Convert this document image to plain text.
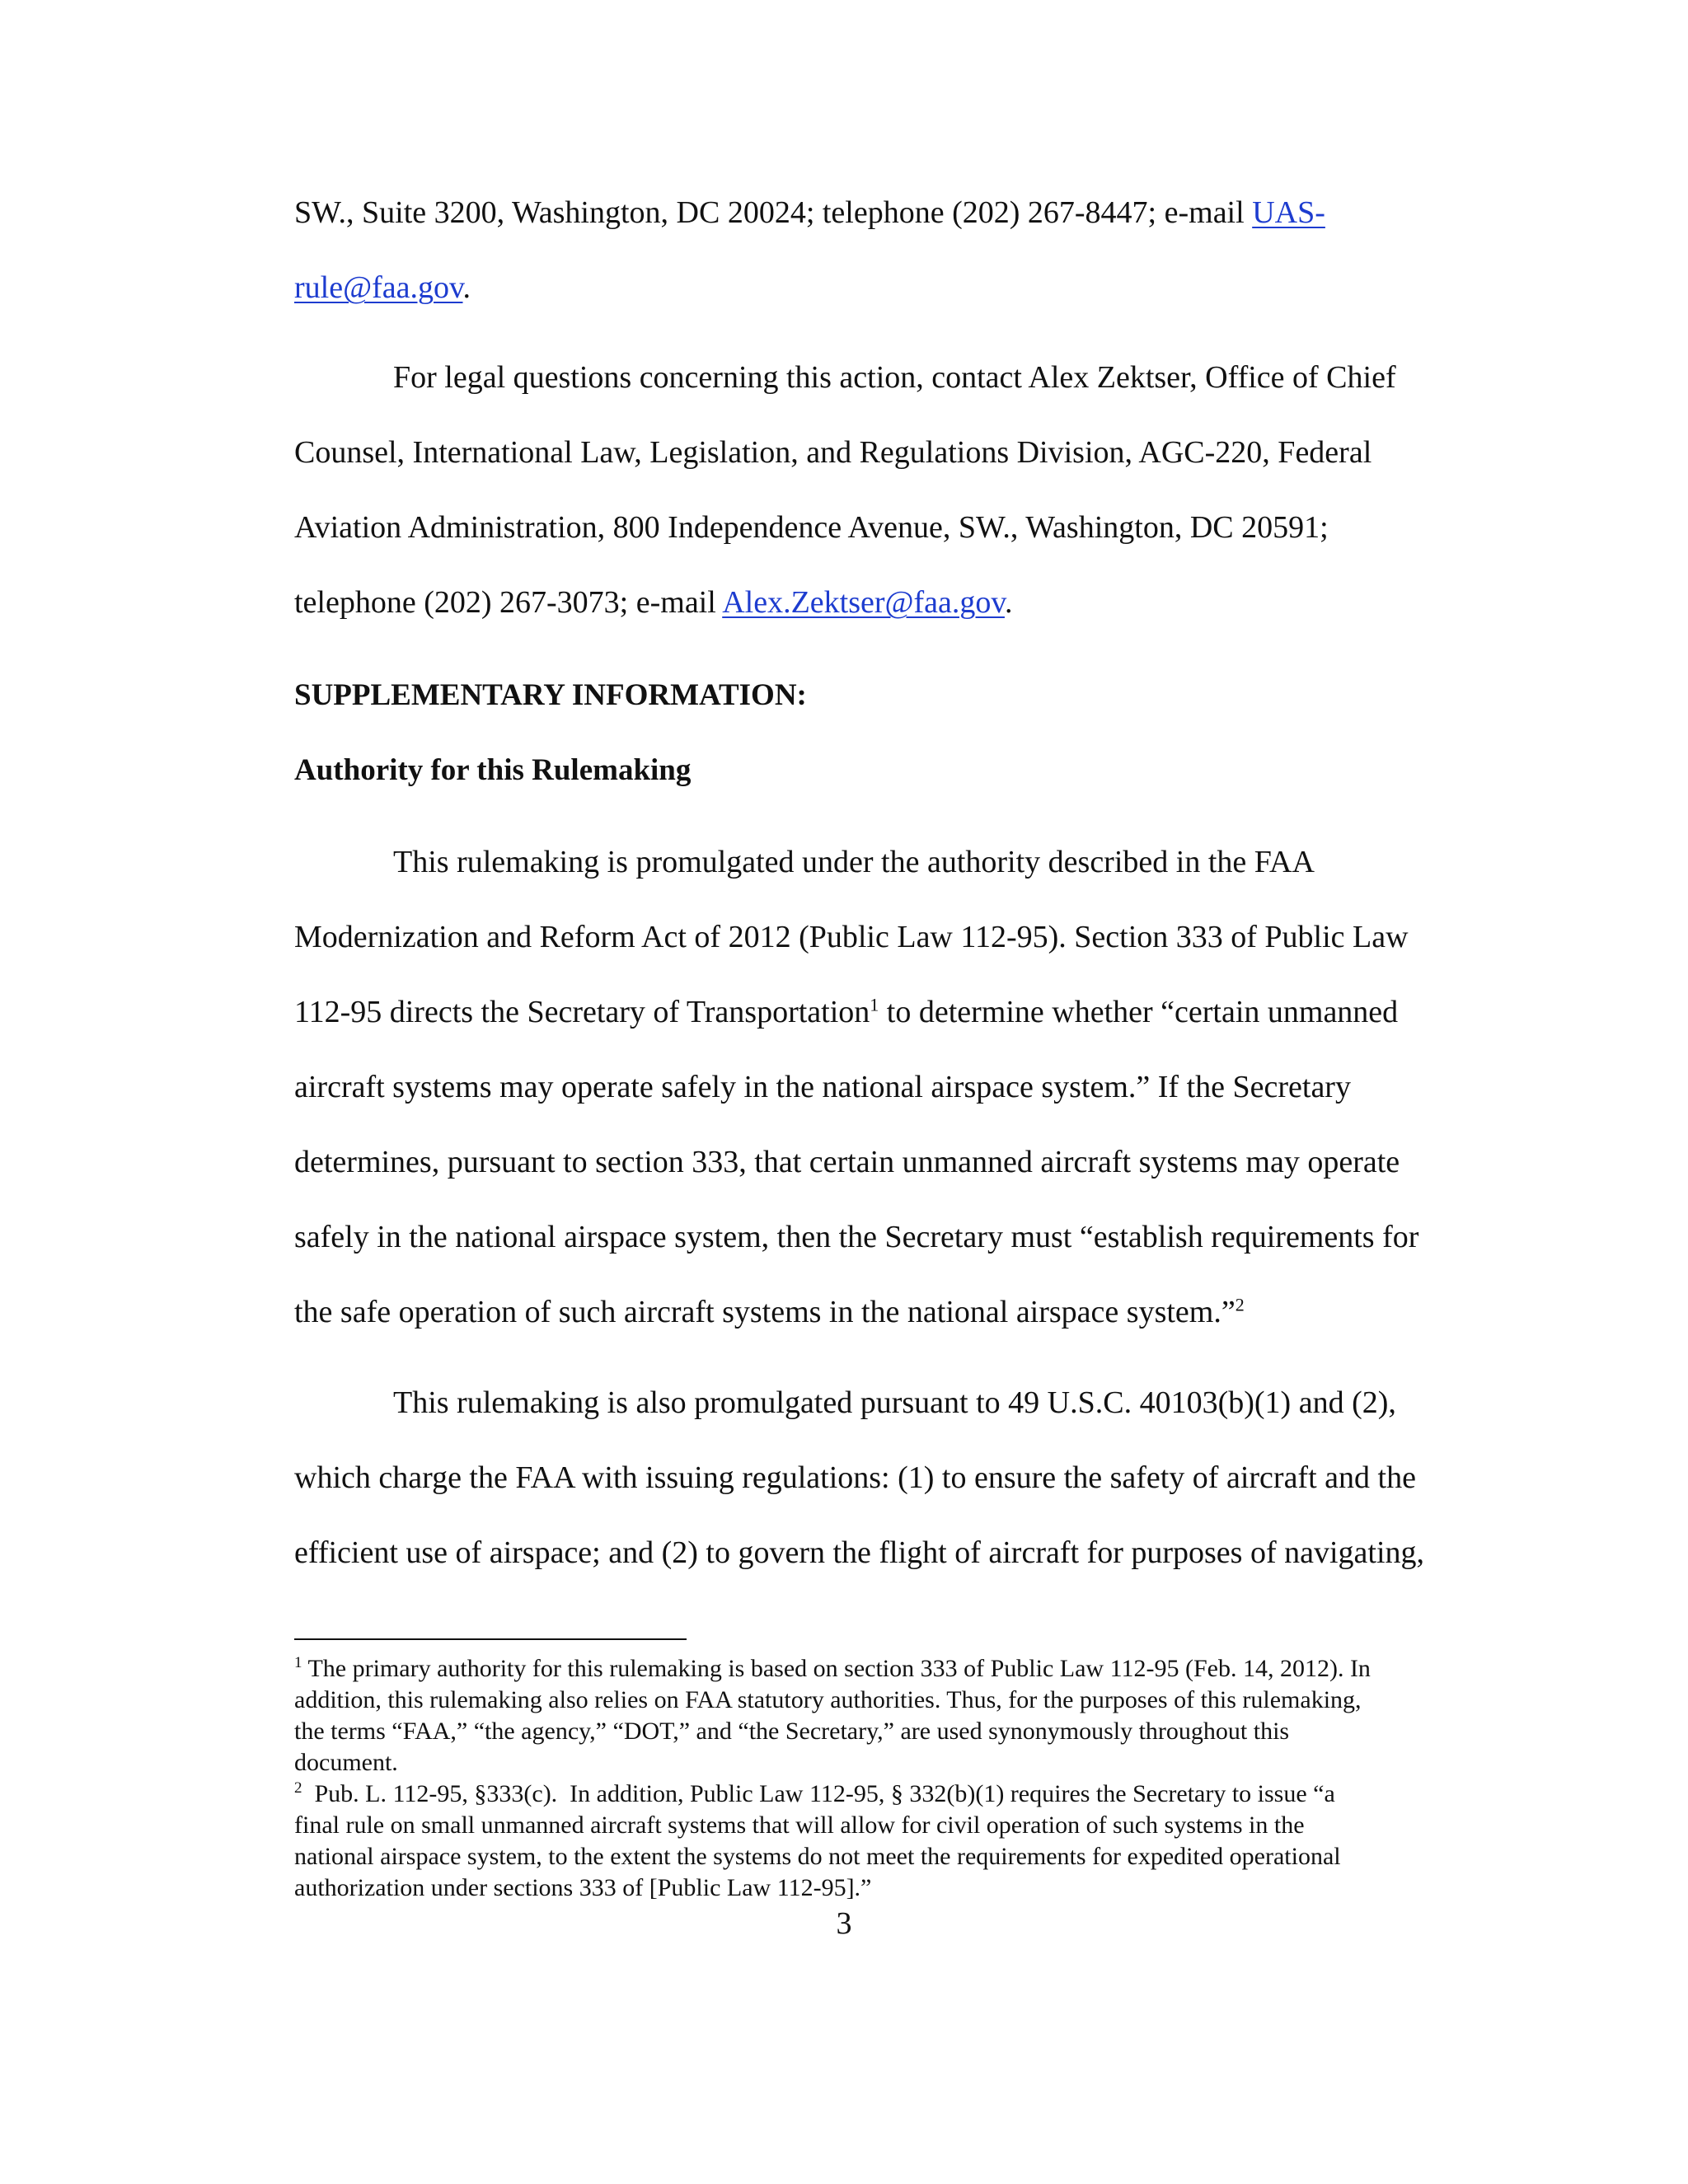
SW., Suite 3200, Washington, DC 20024; telephone (202) 267-8447; e-mail UAS-
rule@faa.gov.
For legal questions concerning this action, contact Alex Zektser, Office of Chief
Counsel, International Law, Legislation, and Regulations Division, AGC-220, Federal
Aviation Administration, 800 Independence Avenue, SW., Washington, DC 20591;
telephone (202) 267-3073; e-mail Alex.Zektser@faa.gov.
SUPPLEMENTARY INFORMATION:
Authority for this Rulemaking
This rulemaking is promulgated under the authority described in the FAA
Modernization and Reform Act of 2012 (Public Law 112-95). Section 333 of Public Law
112-95 directs the Secretary of Transportation$^1$ to determine whether “certain unmanned
aircraft systems may operate safely in the national airspace system.” If the Secretary
determines, pursuant to section 333, that certain unmanned aircraft systems may operate
safely in the national airspace system, then the Secretary must “establish requirements for
the safe operation of such aircraft systems in the national airspace system.”$^2$
This rulemaking is also promulgated pursuant to 49 U.S.C. 40103(b)(1) and (2),
which charge the FAA with issuing regulations: (1) to ensure the safety of aircraft and the
efficient use of airspace; and (2) to govern the flight of aircraft for purposes of navigating,
$^1$ The primary authority for this rulemaking is based on section 333 of Public Law 112-95 (Feb. 14, 2012). In
addition, this rulemaking also relies on FAA statutory authorities. Thus, for the purposes of this rulemaking,
the terms “FAA,” “the agency,” “DOT,” and “the Secretary,” are used synonymously throughout this
document.
$^2$  Pub. L. 112-95, §333(c).  In addition, Public Law 112-95, § 332(b)(1) requires the Secretary to issue “a
final rule on small unmanned aircraft systems that will allow for civil operation of such systems in the
national airspace system, to the extent the systems do not meet the requirements for expedited operational
authorization under sections 333 of [Public Law 112-95].”
3
